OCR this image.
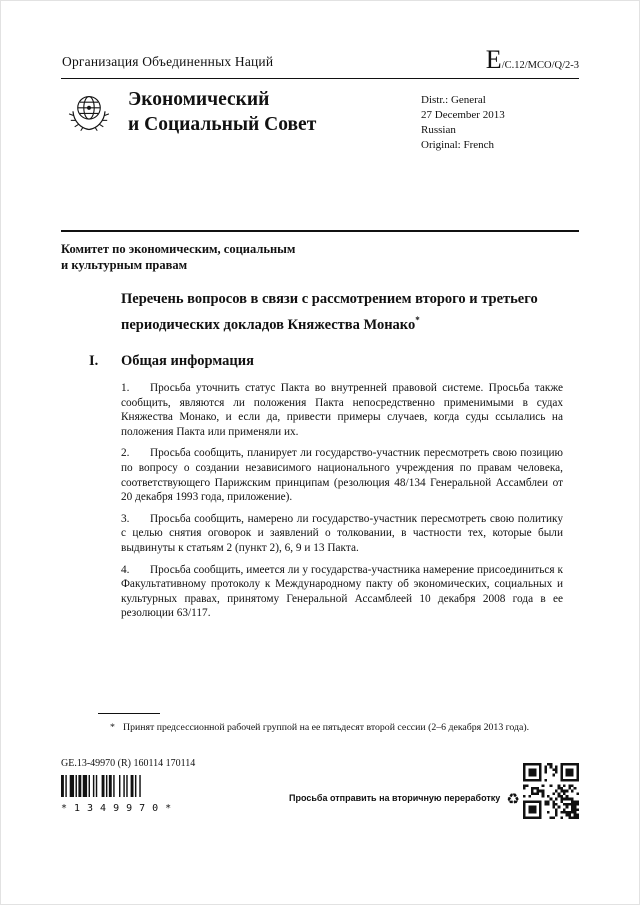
Организация Объединенных Наций	E/C.12/MCO/Q/2-3
Экономический
и Социальный Совет
Distr.: General
27 December 2013
Russian
Original: French
Комитет по экономическим, социальным
и культурным правам
Перечень вопросов в связи с рассмотрением второго и третьего периодических докладов Княжества Монако*
I.	Общая информация

1. Просьба уточнить статус Пакта во внутренней правовой системе. Просьба также сообщить, являются ли положения Пакта непосредственно применимыми в судах Княжества Монако, и если да, привести примеры случаев, когда суды ссылались на положения Пакта или применяли их.

2. Просьба сообщить, планирует ли государство-участник пересмотреть свою позицию по вопросу о создании независимого национального учреждения по правам человека, соответствующего Парижским принципам (резолюция 48/134 Генеральной Ассамблеи от 20 декабря 1993 года, приложение).

3. Просьба сообщить, намерено ли государство-участник пересмотреть свою политику с целью снятия оговорок и заявлений о толковании, в частности тех, которые были выдвинуты к статьям 2 (пункт 2), 6, 9 и 13 Пакта.

4. Просьба сообщить, имеется ли у государства-участника намерение присоединиться к Факультативному протоколу к Международному пакту об экономических, социальных и культурных правах, принятому Генеральной Ассамблеей 10 декабря 2008 года в ее резолюции 63/117.

* Принят предсессионной рабочей группой на ее пятьдесят второй сессии (2–6 декабря 2013 года).
GE.13-49970 (R) 160114 170114
*1349970*
Просьба отправить на вторичную переработку ♻
